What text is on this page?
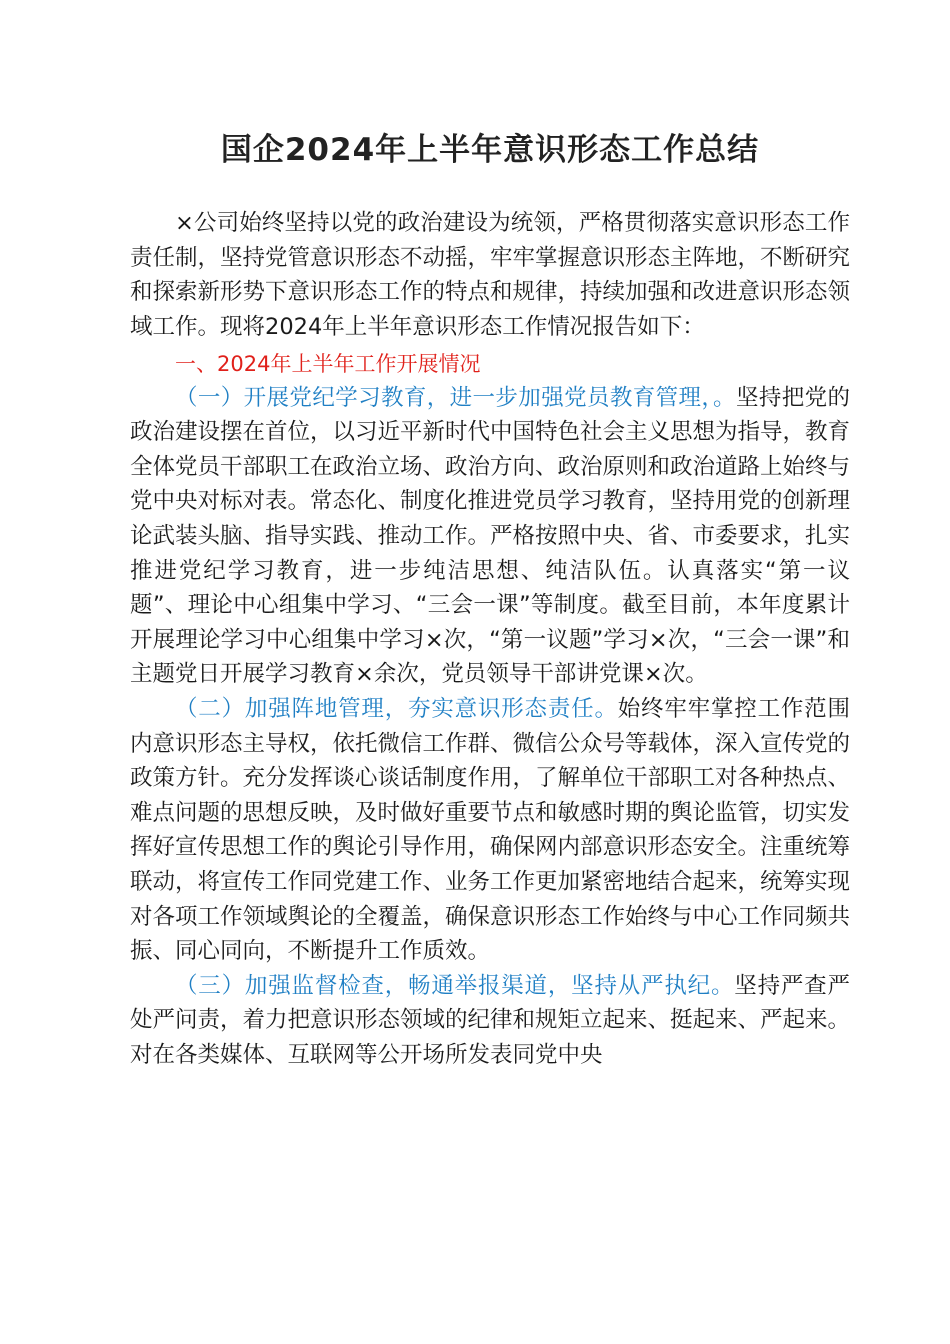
国企2024年上半年意识形态工作总结

×公司始终坚持以党的政治建设为统领，严格贯彻落实意识形态工作责任制，坚持党管意识形态不动摇，牢牢掌握意识形态主阵地，不断研究和探索新形势下意识形态工作的特点和规律，持续加强和改进意识形态领域工作。现将2024年上半年意识形态工作情况报告如下：

一、2024年上半年工作开展情况

（一）开展党纪学习教育，进一步加强党员教育管理，。坚持把党的政治建设摆在首位，以习近平新时代中国特色社会主义思想为指导，教育全体党员干部职工在政治立场、政治方向、政治原则和政治道路上始终与党中央对标对表。常态化、制度化推进党员学习教育，坚持用党的创新理论武装头脑、指导实践、推动工作。严格按照中央、省、市委要求，扎实推进党纪学习教育，进一步纯洁思想、纯洁队伍。认真落实“第一议题”、理论中心组集中学习、“三会一课”等制度。截至目前，本年度累计开展理论学习中心组集中学习×次，“第一议题”学习×次，“三会一课”和主题党日开展学习教育×余次，党员领导干部讲党课×次。

（二）加强阵地管理，夯实意识形态责任。始终牢牢掌控工作范围内意识形态主导权，依托微信工作群、微信公众号等载体，深入宣传党的政策方针。充分发挥谈心谈话制度作用，了解单位干部职工对各种热点、难点问题的思想反映，及时做好重要节点和敏感时期的舆论监管，切实发挥好宣传思想工作的舆论引导作用，确保网内部意识形态安全。注重统筹联动，将宣传工作同党建工作、业务工作更加紧密地结合起来，统筹实现对各项工作领域舆论的全覆盖，确保意识形态工作始终与中心工作同频共振、同心同向，不断提升工作质效。

（三）加强监督检查，畅通举报渠道，坚持从严执纪。坚持严查严处严问责，着力把意识形态领域的纪律和规矩立起来、挺起来、严起来。对在各类媒体、互联网等公开场所发表同党中央
